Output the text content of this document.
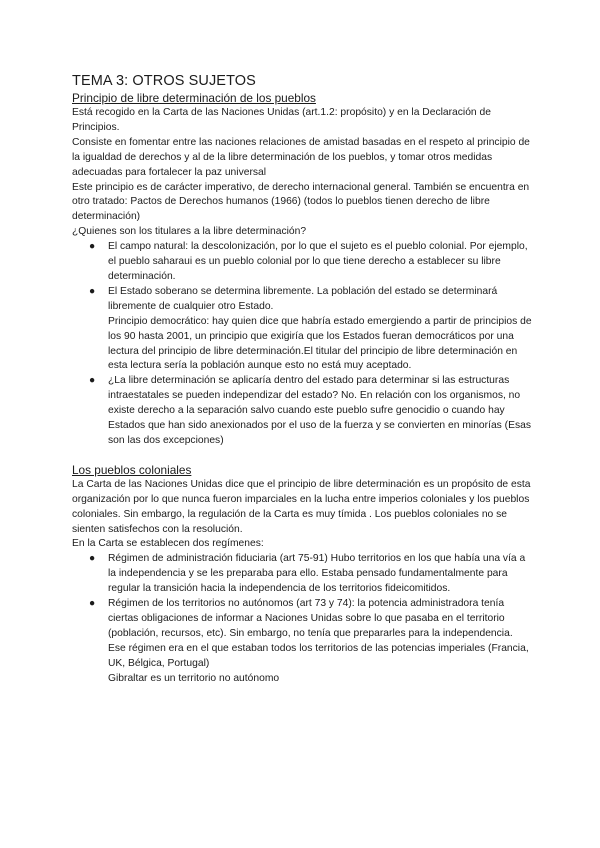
TEMA 3: OTROS SUJETOS
Principio de libre determinación de los pueblos

Está recogido en la Carta de las Naciones Unidas (art.1.2: propósito) y en la Declaración de Principios.

Consiste en fomentar entre las naciones relaciones de amistad basadas en el respeto al principio de la igualdad de derechos y al de la libre determinación de los pueblos, y tomar otros medidas adecuadas para fortalecer la paz universal

Este principio es de carácter imperativo, de derecho internacional general. También se encuentra en otro tratado: Pactos de Derechos humanos (1966) (todos lo pueblos tienen derecho de libre determinación)

¿Quienes son los titulares a la libre determinación?

● El campo natural: la descolonización, por lo que el sujeto es el pueblo colonial. Por ejemplo, el pueblo saharaui es un pueblo colonial por lo que tiene derecho a establecer su libre determinación.
● El Estado soberano se determina libremente. La población del estado se determinará libremente de cualquier otro Estado.
Principio democrático: hay quien dice que habría estado emergiendo a partir de principios de los 90 hasta 2001, un principio que exigiría que los Estados fueran democráticos por una lectura del principio de libre determinación.El titular del principio de libre determinación en esta lectura sería la población aunque esto no está muy aceptado.
● ¿La libre determinación se aplicaría dentro del estado para determinar si las estructuras intraestatales se pueden independizar del estado? No. En relación con los organismos, no existe derecho a la separación salvo cuando este pueblo sufre genocidio o cuando hay Estados que han sido anexionados por el uso de la fuerza y se convierten en minorías (Esas son las dos excepciones)
Los pueblos coloniales

La Carta de las Naciones Unidas dice que el principio de libre determinación es un propósito de esta organización por lo que nunca fueron imparciales en la lucha entre imperios coloniales y los pueblos coloniales. Sin embargo, la regulación de la Carta es muy tímida . Los pueblos coloniales no se sienten satisfechos con la resolución.

En la Carta se establecen dos regímenes:

● Régimen de administración fiduciaria (art 75-91) Hubo territorios en los que había una vía a la independencia y se les preparaba para ello. Estaba pensado fundamentalmente para regular la transición hacia la independencia de los territorios fideicomitidos.
● Régimen de los territorios no autónomos (art 73 y 74): la potencia administradora tenía ciertas obligaciones de informar a Naciones Unidas sobre lo que pasaba en el territorio (población, recursos, etc). Sin embargo, no tenía que prepararles para la independencia. Ese régimen era en el que estaban todos los territorios de las potencias imperiales (Francia, UK, Bélgica, Portugal)
Gibraltar es un territorio no autónomo
